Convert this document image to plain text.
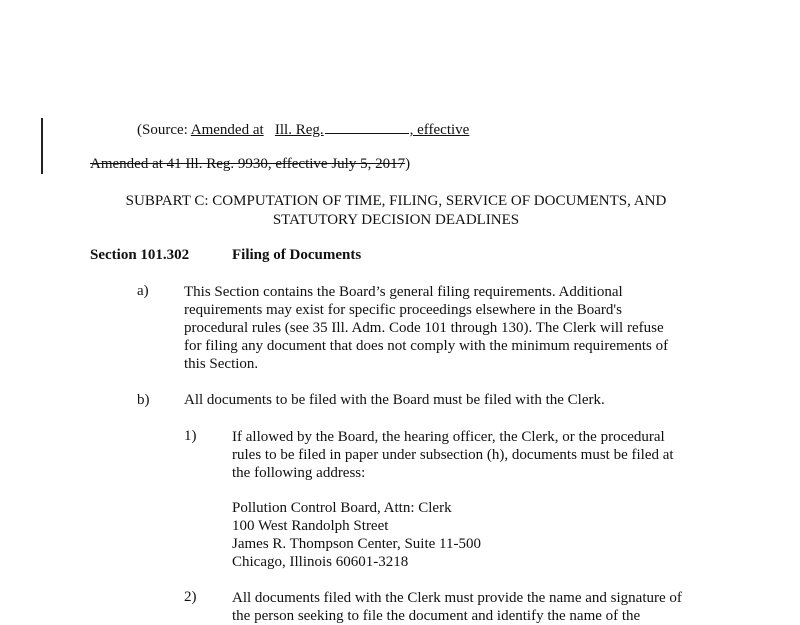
(Source: Amended at Ill. Reg.	, effective
Amended at 41 Ill. Reg. 9930, effective July 5, 2017)
SUBPART C: COMPUTATION OF TIME, FILING, SERVICE OF DOCUMENTS, AND
STATUTORY DECISION DEADLINES
Section 101.302	Filing of Documents
a) This Section contains the Board’s general filing requirements. Additional
requirements may exist for specific proceedings elsewhere in the Board's
procedural rules (see 35 Ill. Adm. Code 101 through 130). The Clerk will refuse
for filing any document that does not comply with the minimum requirements of
this Section.
b) All documents to be filed with the Board must be filed with the Clerk.
1) If allowed by the Board, the hearing officer, the Clerk, or the procedural
rules to be filed in paper under subsection (h), documents must be filed at
the following address:
Pollution Control Board, Attn: Clerk
100 West Randolph Street
James R. Thompson Center, Suite 11-500
Chicago, Illinois 60601-3218
2) All documents filed with the Clerk must provide the name and signature of
the person seeking to file the document and identify the name of the
